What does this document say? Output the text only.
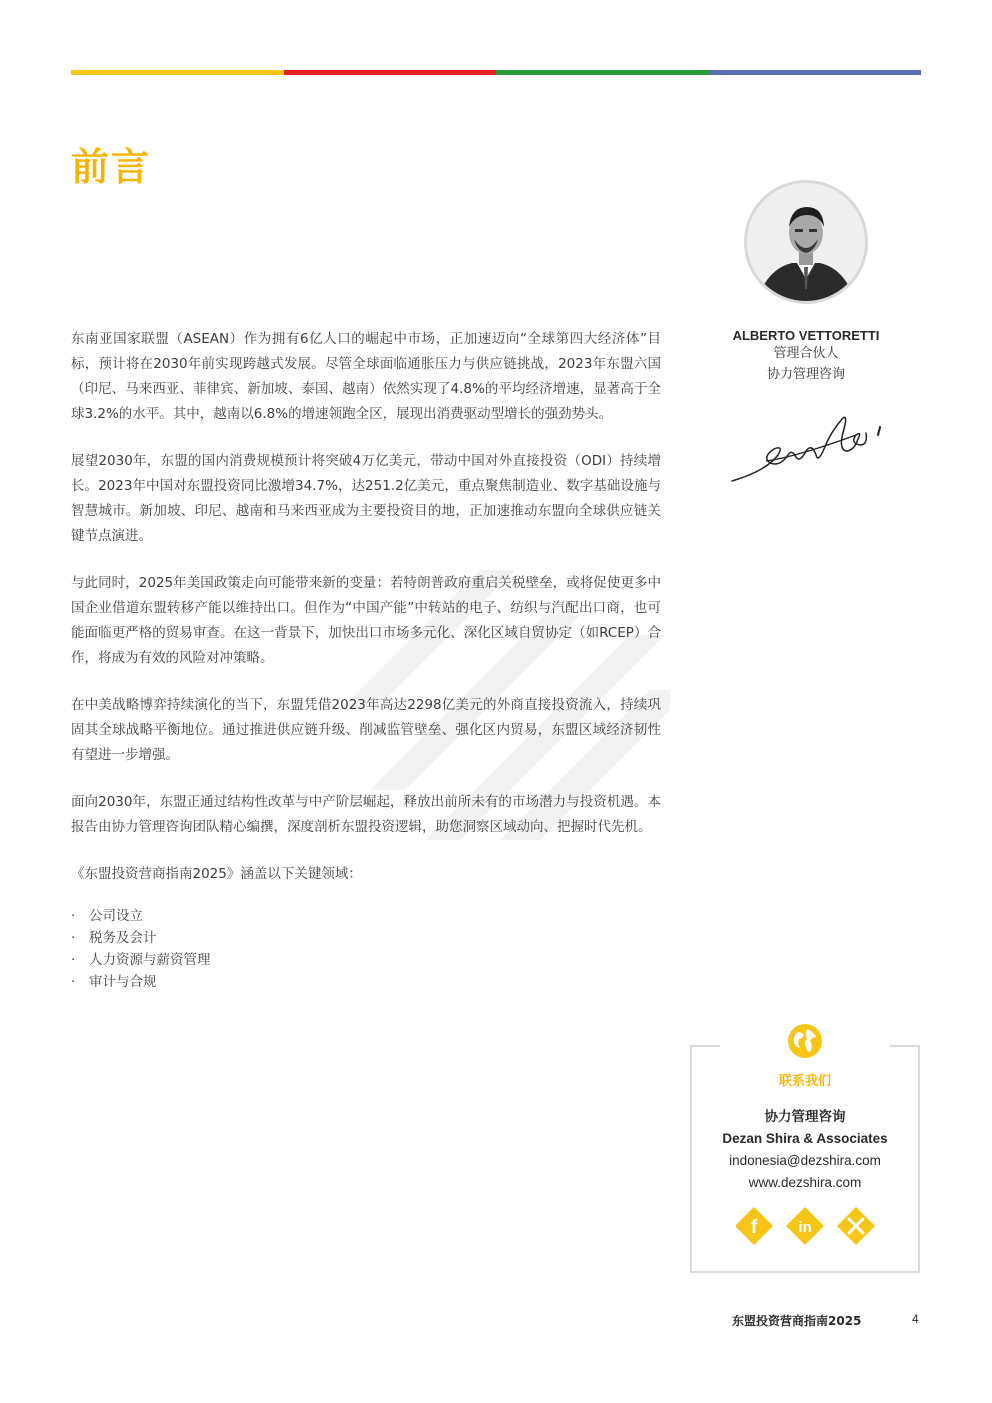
前言

东南亚国家联盟（ASEAN）作为拥有6亿人口的崛起中市场，正加速迈向“全球第四大经济体”目标，预计将在2030年前实现跨越式发展。尽管全球面临通胀压力与供应链挑战，2023年东盟六国（印尼、马来西亚、菲律宾、新加坡、泰国、越南）依然实现了4.8%的平均经济增速，显著高于全球3.2%的水平。其中，越南以6.8%的增速领跑全区，展现出消费驱动型增长的强劲势头。

展望2030年，东盟的国内消费规模预计将突破4万亿美元，带动中国对外直接投资（ODI）持续增长。2023年中国对东盟投资同比激增34.7%，达251.2亿美元，重点聚焦制造业、数字基础设施与智慧城市。新加坡、印尼、越南和马来西亚成为主要投资目的地，正加速推动东盟向全球供应链关键节点演进。

与此同时，2025年美国政策走向可能带来新的变量：若特朗普政府重启关税壁垒，或将促使更多中国企业借道东盟转移产能以维持出口。但作为“中国产能”中转站的电子、纺织与汽配出口商，也可能面临更严格的贸易审查。在这一背景下，加快出口市场多元化、深化区域自贸协定（如RCEP）合作，将成为有效的风险对冲策略。

在中美战略博弈持续演化的当下，东盟凭借2023年高达2298亿美元的外商直接投资流入，持续巩固其全球战略平衡地位。通过推进供应链升级、削减监管壁垒、强化区内贸易，东盟区域经济韧性有望进一步增强。

面向2030年，东盟正通过结构性改革与中产阶层崛起，释放出前所未有的市场潜力与投资机遇。本报告由协力管理咨询团队精心编撰，深度剖析东盟投资逻辑，助您洞察区域动向、把握时代先机。

《东盟投资营商指南2025》涵盖以下关键领域：

· 公司设立
· 税务及会计
· 人力资源与薪资管理
· 审计与合规
ALBERTO VETTORETTI
管理合伙人
协力管理咨询
联系我们
协力管理咨询
Dezan Shira & Associates
indonesia@dezshira.com
www.dezshira.com
f	in
东盟投资营商指南2025	4
